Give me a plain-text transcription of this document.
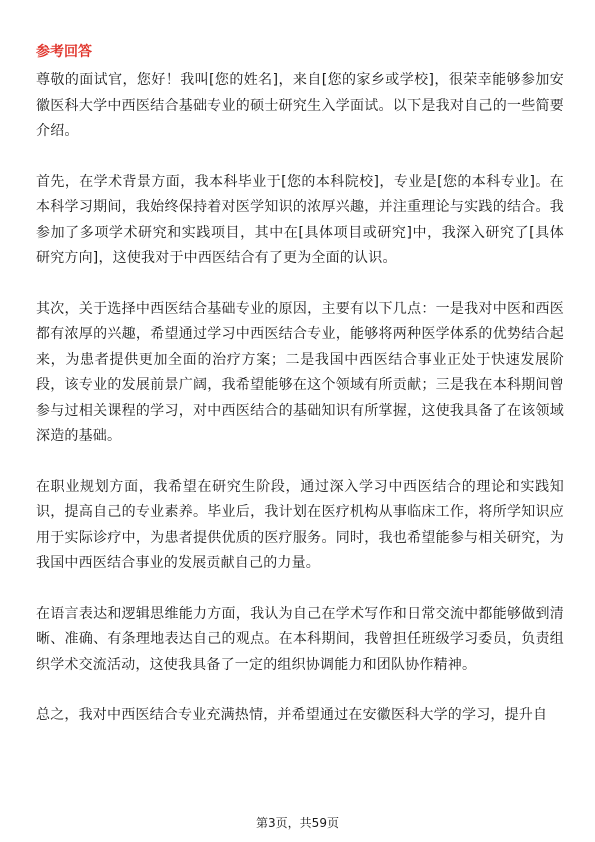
参考回答

尊敬的面试官，您好！我叫[您的姓名]，来自[您的家乡或学校]，很荣幸能够参加安徽医科大学中西医结合基础专业的硕士研究生入学面试。以下是我对自己的一些简要介绍。

首先，在学术背景方面，我本科毕业于[您的本科院校]，专业是[您的本科专业]。在本科学习期间，我始终保持着对医学知识的浓厚兴趣，并注重理论与实践的结合。我参加了多项学术研究和实践项目，其中在[具体项目或研究]中，我深入研究了[具体研究方向]，这使我对于中西医结合有了更为全面的认识。

其次，关于选择中西医结合基础专业的原因，主要有以下几点：一是我对中医和西医都有浓厚的兴趣，希望通过学习中西医结合专业，能够将两种医学体系的优势结合起来，为患者提供更加全面的治疗方案；二是我国中西医结合事业正处于快速发展阶段，该专业的发展前景广阔，我希望能够在这个领域有所贡献；三是我在本科期间曾参与过相关课程的学习，对中西医结合的基础知识有所掌握，这使我具备了在该领域深造的基础。

在职业规划方面，我希望在研究生阶段，通过深入学习中西医结合的理论和实践知识，提高自己的专业素养。毕业后，我计划在医疗机构从事临床工作，将所学知识应用于实际诊疗中，为患者提供优质的医疗服务。同时，我也希望能参与相关研究，为我国中西医结合事业的发展贡献自己的力量。

在语言表达和逻辑思维能力方面，我认为自己在学术写作和日常交流中都能够做到清晰、准确、有条理地表达自己的观点。在本科期间，我曾担任班级学习委员，负责组织学术交流活动，这使我具备了一定的组织协调能力和团队协作精神。

总之，我对中西医结合专业充满热情，并希望通过在安徽医科大学的学习，提升自

第3页，共59页
